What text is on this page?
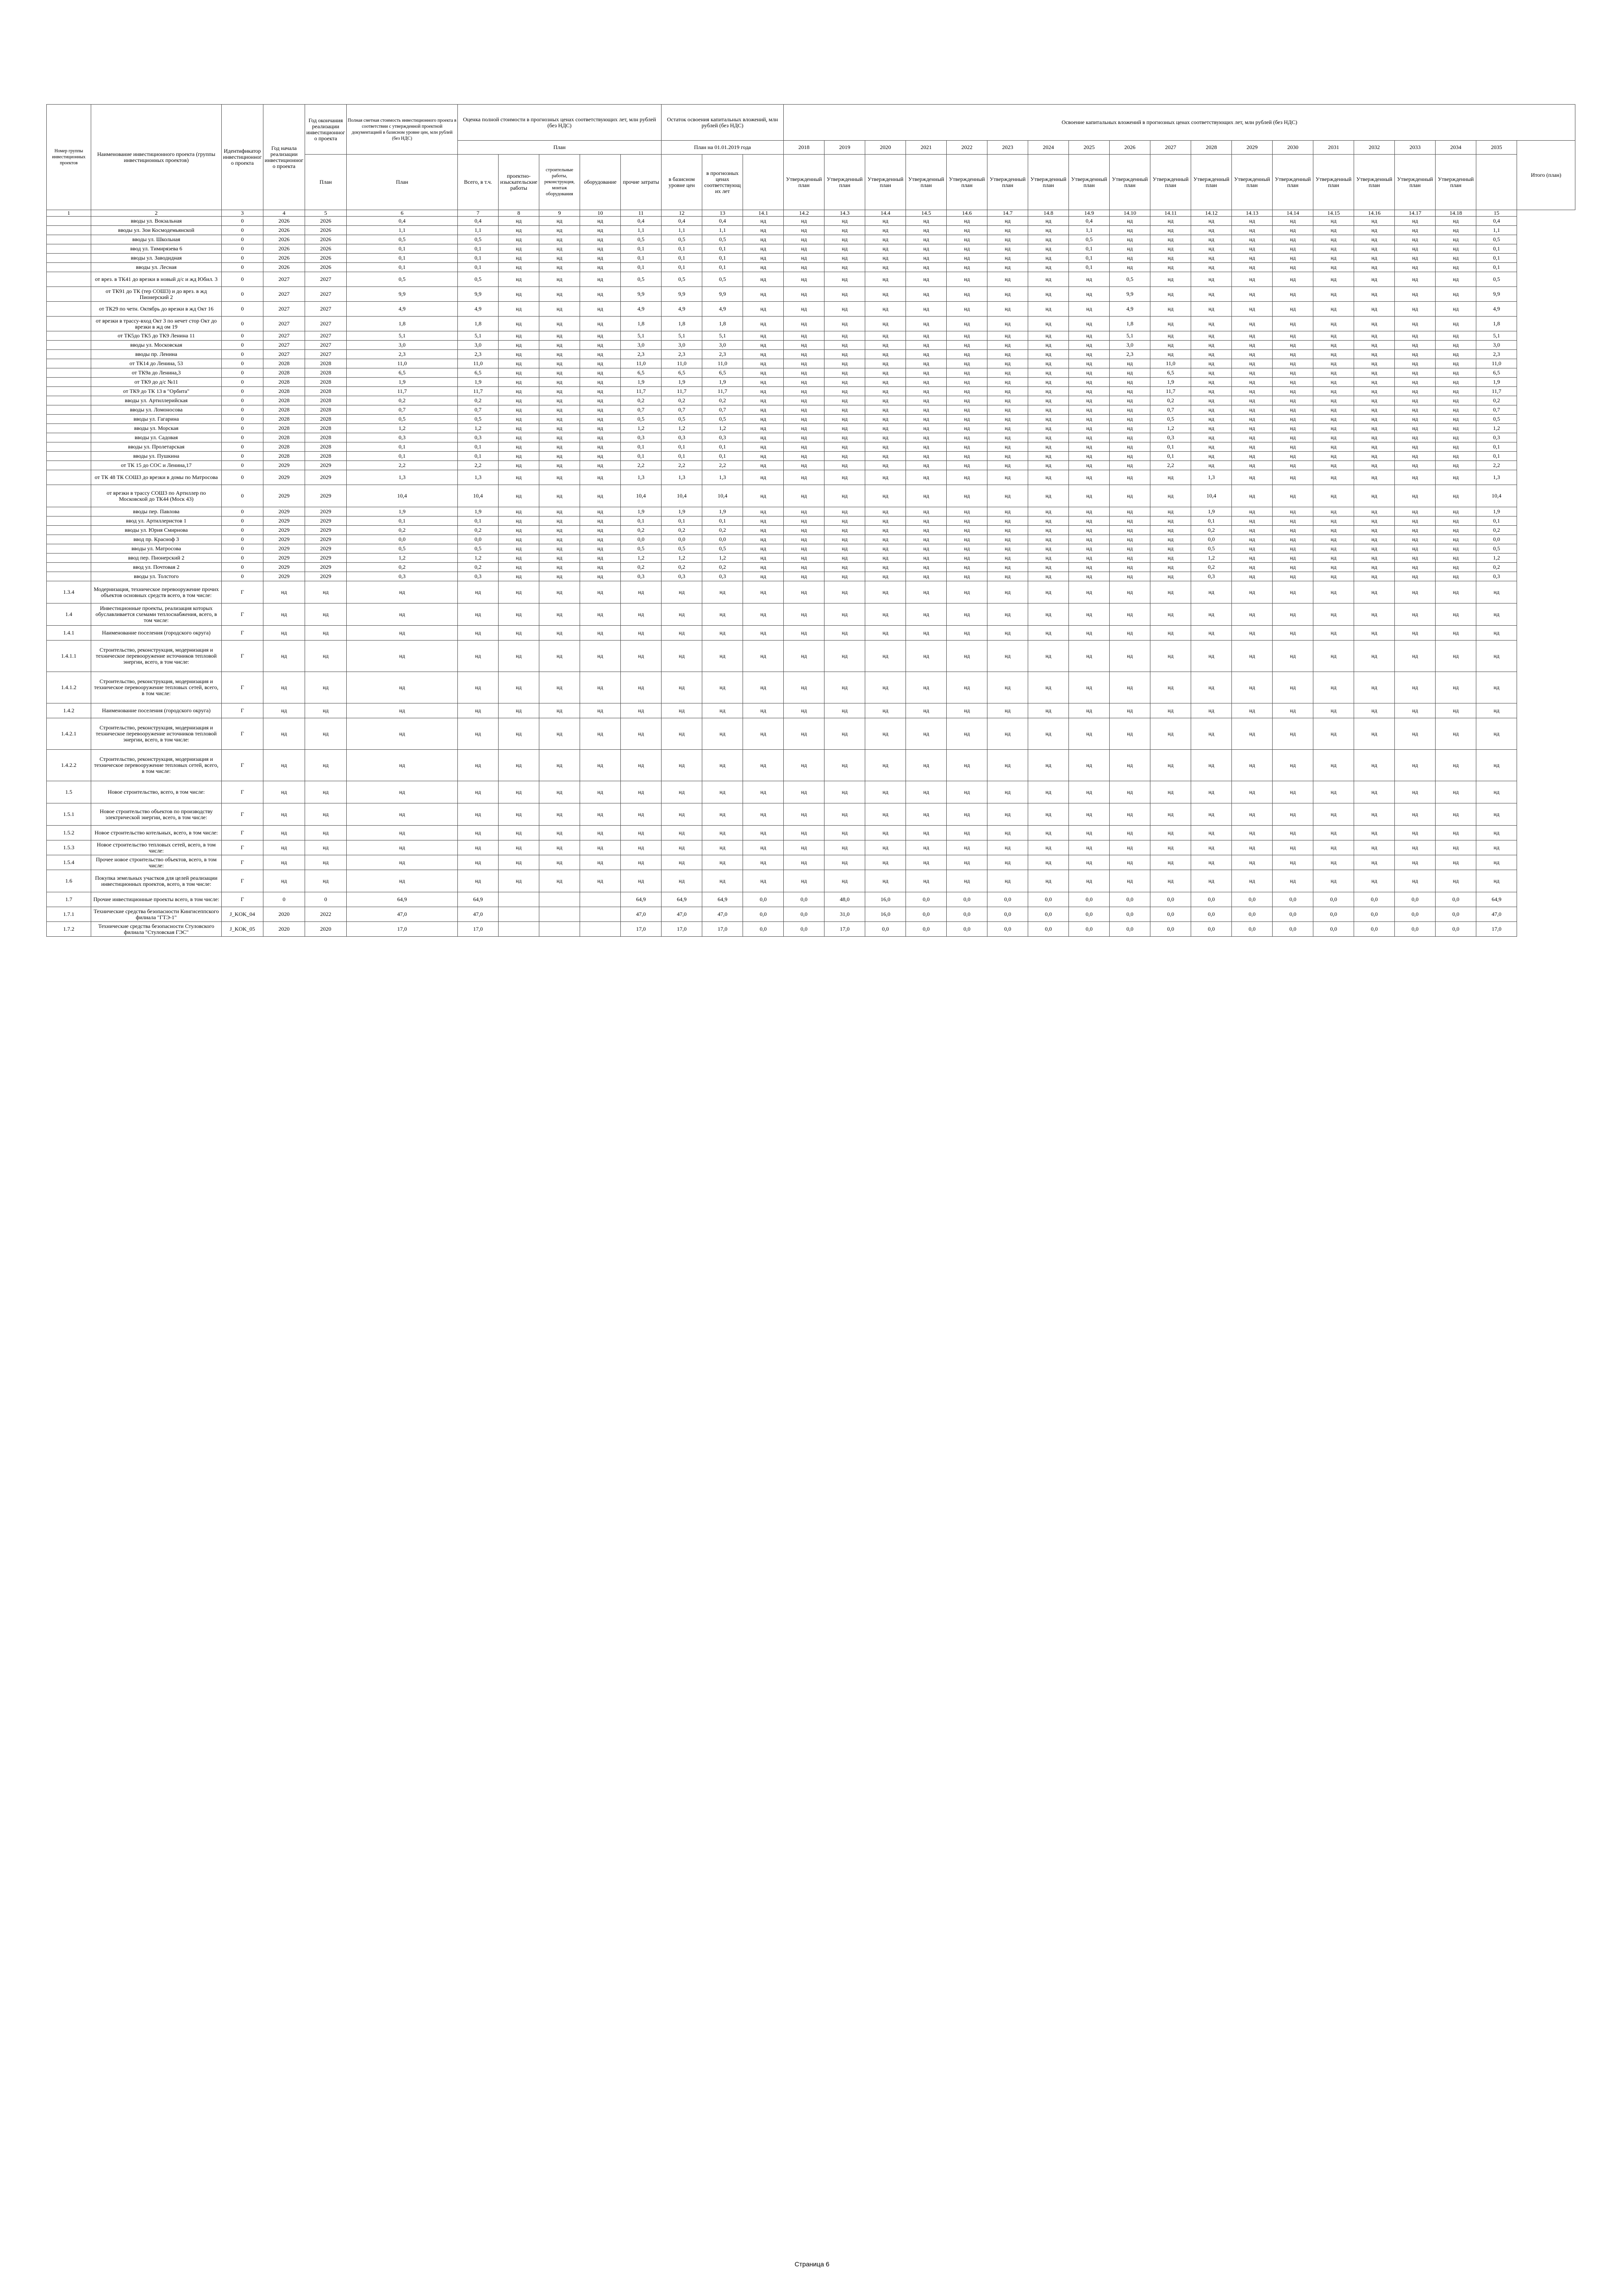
Номер группы инвестиционных проектов	Наименование инвестиционного проекта (группы инвестиционных проектов)	Идентификатор инвестиционного проекта	Год начала реализации инвестиционного проекта	Год окончания реализации инвестиционного проекта	Полная сметная стоимость инвестиционного проекта в соответствии с утвержденной проектной документацией в базисном уровне цен, млн рублей (без НДС)	Оценка полной стоимости в прогнозных ценах соответствующих лет, млн рублей (без НДС)					Остаток освоения капитальных вложений, млн рублей (без НДС)			Освоение капитальных вложений в прогнозных ценах соответствующих лет, млн рублей (без НДС)																		
						План					План на 01.01.2019 года			2018	2019	2020	2021	2022	2023	2024	2025	2026	2027	2028	2029	2030	2031	2032	2033	2034	2035	Итого (план)
				План	План	Всего, в т.ч.	проектно-изыскательские работы	строительные работы, реконструкция, монтаж оборудования	оборудование	прочие затраты	в базисном уровне цен	в прогнозных ценах соответствующих лет		Утвержденный план	Утвержденный план	Утвержденный план	Утвержденный план	Утвержденный план	Утвержденный план	Утвержденный план	Утвержденный план	Утвержденный план	Утвержденный план	Утвержденный план	Утвержденный план	Утвержденный план	Утвержденный план	Утвержденный план	Утвержденный план	Утвержденный план		
1	2	3	4	5	6	7	8	9	10	11	12	13	14.1	14.2	14.3	14.4	14.5	14.6	14.7	14.8	14.9	14.10	14.11	14.12	14.13	14.14	14.15	14.16	14.17	14.18	15	
	вводы ул. Вокзальная	0	2026	2026	0,4	0,4	нд	нд	нд	0,4	0,4	0,4	нд	нд	нд	нд	нд	нд	нд	нд	0,4	нд	нд	нд	нд	нд	нд	нд	нд	нд	0,4	
	вводы ул. Зои Космодемьянской	0	2026	2026	1,1	1,1	нд	нд	нд	1,1	1,1	1,1	нд	нд	нд	нд	нд	нд	нд	нд	1,1	нд	нд	нд	нд	нд	нд	нд	нд	нд	1,1	
	вводы ул. Школьная	0	2026	2026	0,5	0,5	нд	нд	нд	0,5	0,5	0,5	нд	нд	нд	нд	нд	нд	нд	нд	0,5	нд	нд	нд	нд	нд	нд	нд	нд	нд	0,5	
	ввод ул. Тимирязева 6	0	2026	2026	0,1	0,1	нд	нд	нд	0,1	0,1	0,1	нд	нд	нд	нд	нд	нд	нд	нд	0,1	нд	нд	нд	нд	нд	нд	нд	нд	нд	0,1	
	вводы ул. Заводидная	0	2026	2026	0,1	0,1	нд	нд	нд	0,1	0,1	0,1	нд	нд	нд	нд	нд	нд	нд	нд	0,1	нд	нд	нд	нд	нд	нд	нд	нд	нд	0,1	
	вводы ул. Лесная	0	2026	2026	0,1	0,1	нд	нд	нд	0,1	0,1	0,1	нд	нд	нд	нд	нд	нд	нд	нд	0,1	нд	нд	нд	нд	нд	нд	нд	нд	нд	0,1	
	от врез. в ТК41 до врезки в новый д/с и жд Юбил. 3	0	2027	2027	0,5	0,5	нд	нд	нд	0,5	0,5	0,5	нд	нд	нд	нд	нд	нд	нд	нд	нд	0,5	нд	нд	нд	нд	нд	нд	нд	нд	0,5	
	от ТК91 до ТК (тер СОШ3) и до врез. в жд Пионерский 2	0	2027	2027	9,9	9,9	нд	нд	нд	9,9	9,9	9,9	нд	нд	нд	нд	нд	нд	нд	нд	нд	9,9	нд	нд	нд	нд	нд	нд	нд	нд	9,9	
	от ТК29 по четн. Октябрь до врезки в жд Окт 16	0	2027	2027	4,9	4,9	нд	нд	нд	4,9	4,9	4,9	нд	нд	нд	нд	нд	нд	нд	нд	нд	4,9	нд	нд	нд	нд	нд	нд	нд	нд	4,9	
	от врезки в трассу-вход Окт 3 по нечет стор Окт до врезки в жд ом 19	0	2027	2027	1,8	1,8	нд	нд	нд	1,8	1,8	1,8	нд	нд	нд	нд	нд	нд	нд	нд	нд	1,8	нд	нд	нд	нд	нд	нд	нд	нд	1,8	
	от ТК5до ТК5 до ТК9 Ленина 11	0	2027	2027	5,1	5,1	нд	нд	нд	5,1	5,1	5,1	нд	нд	нд	нд	нд	нд	нд	нд	нд	5,1	нд	нд	нд	нд	нд	нд	нд	нд	5,1	
	вводы ул. Московская	0	2027	2027	3,0	3,0	нд	нд	нд	3,0	3,0	3,0	нд	нд	нд	нд	нд	нд	нд	нд	нд	3,0	нд	нд	нд	нд	нд	нд	нд	нд	3,0	
	вводы пр. Ленина	0	2027	2027	2,3	2,3	нд	нд	нд	2,3	2,3	2,3	нд	нд	нд	нд	нд	нд	нд	нд	нд	2,3	нд	нд	нд	нд	нд	нд	нд	нд	2,3	
	от ТК14 до Ленина, 53	0	2028	2028	11,0	11,0	нд	нд	нд	11,0	11,0	11,0	нд	нд	нд	нд	нд	нд	нд	нд	нд	нд	11,0	нд	нд	нд	нд	нд	нд	нд	11,0	
	от ТК9а до Ленина,3	0	2028	2028	6,5	6,5	нд	нд	нд	6,5	6,5	6,5	нд	нд	нд	нд	нд	нд	нд	нд	нд	нд	6,5	нд	нд	нд	нд	нд	нд	нд	6,5	
	от ТК9 до д/с №11	0	2028	2028	1,9	1,9	нд	нд	нд	1,9	1,9	1,9	нд	нд	нд	нд	нд	нд	нд	нд	нд	нд	1,9	нд	нд	нд	нд	нд	нд	нд	1,9	
	от ТК9 до ТК 13 в "Орбита"	0	2028	2028	11,7	11,7	нд	нд	нд	11,7	11,7	11,7	нд	нд	нд	нд	нд	нд	нд	нд	нд	нд	11,7	нд	нд	нд	нд	нд	нд	нд	11,7	
	вводы ул. Артиллерийская	0	2028	2028	0,2	0,2	нд	нд	нд	0,2	0,2	0,2	нд	нд	нд	нд	нд	нд	нд	нд	нд	нд	0,2	нд	нд	нд	нд	нд	нд	нд	0,2	
	вводы ул. Ломоносова	0	2028	2028	0,7	0,7	нд	нд	нд	0,7	0,7	0,7	нд	нд	нд	нд	нд	нд	нд	нд	нд	нд	0,7	нд	нд	нд	нд	нд	нд	нд	0,7	
	вводы ул. Гагарина	0	2028	2028	0,5	0,5	нд	нд	нд	0,5	0,5	0,5	нд	нд	нд	нд	нд	нд	нд	нд	нд	нд	0,5	нд	нд	нд	нд	нд	нд	нд	0,5	
	вводы ул. Морская	0	2028	2028	1,2	1,2	нд	нд	нд	1,2	1,2	1,2	нд	нд	нд	нд	нд	нд	нд	нд	нд	нд	1,2	нд	нд	нд	нд	нд	нд	нд	1,2	
	вводы ул. Садовая	0	2028	2028	0,3	0,3	нд	нд	нд	0,3	0,3	0,3	нд	нд	нд	нд	нд	нд	нд	нд	нд	нд	0,3	нд	нд	нд	нд	нд	нд	нд	0,3	
	вводы ул. Пролетарская	0	2028	2028	0,1	0,1	нд	нд	нд	0,1	0,1	0,1	нд	нд	нд	нд	нд	нд	нд	нд	нд	нд	0,1	нд	нд	нд	нд	нд	нд	нд	0,1	
	вводы ул. Пушкина	0	2028	2028	0,1	0,1	нд	нд	нд	0,1	0,1	0,1	нд	нд	нд	нд	нд	нд	нд	нд	нд	нд	0,1	нд	нд	нд	нд	нд	нд	нд	0,1	
	от ТК 15 до СОС и Ленина,17	0	2029	2029	2,2	2,2	нд	нд	нд	2,2	2,2	2,2	нд	нд	нд	нд	нд	нд	нд	нд	нд	нд	2,2	нд	нд	нд	нд	нд	нд	нд	2,2	
	от ТК 48 ТК СОШ3 до врезки в домы по Матросова	0	2029	2029	1,3	1,3	нд	нд	нд	1,3	1,3	1,3	нд	нд	нд	нд	нд	нд	нд	нд	нд	нд	нд	1,3	нд	нд	нд	нд	нд	нд	1,3	
	от врезки в трассу СОШ3 по Артиллер по Московской до ТК44 (Моск 43)	0	2029	2029	10,4	10,4	нд	нд	нд	10,4	10,4	10,4	нд	нд	нд	нд	нд	нд	нд	нд	нд	нд	нд	10,4	нд	нд	нд	нд	нд	нд	10,4	
	вводы пер. Павлова	0	2029	2029	1,9	1,9	нд	нд	нд	1,9	1,9	1,9	нд	нд	нд	нд	нд	нд	нд	нд	нд	нд	нд	1,9	нд	нд	нд	нд	нд	нд	1,9	
	ввод ул. Артиллеристов 1	0	2029	2029	0,1	0,1	нд	нд	нд	0,1	0,1	0,1	нд	нд	нд	нд	нд	нд	нд	нд	нд	нд	нд	0,1	нд	нд	нд	нд	нд	нд	0,1	
	вводы ул. Юрия Смирнова	0	2029	2029	0,2	0,2	нд	нд	нд	0,2	0,2	0,2	нд	нд	нд	нд	нд	нд	нд	нд	нд	нд	нд	0,2	нд	нд	нд	нд	нд	нд	0,2	
	ввод пр. Красноф 3	0	2029	2029	0,0	0,0	нд	нд	нд	0,0	0,0	0,0	нд	нд	нд	нд	нд	нд	нд	нд	нд	нд	нд	0,0	нд	нд	нд	нд	нд	нд	0,0	
	вводы ул. Матросова	0	2029	2029	0,5	0,5	нд	нд	нд	0,5	0,5	0,5	нд	нд	нд	нд	нд	нд	нд	нд	нд	нд	нд	0,5	нд	нд	нд	нд	нд	нд	0,5	
	ввод пер. Пионерский 2	0	2029	2029	1,2	1,2	нд	нд	нд	1,2	1,2	1,2	нд	нд	нд	нд	нд	нд	нд	нд	нд	нд	нд	1,2	нд	нд	нд	нд	нд	нд	1,2	
	ввод ул. Почтовая 2	0	2029	2029	0,2	0,2	нд	нд	нд	0,2	0,2	0,2	нд	нд	нд	нд	нд	нд	нд	нд	нд	нд	нд	0,2	нд	нд	нд	нд	нд	нд	0,2	
	вводы ул. Толстого	0	2029	2029	0,3	0,3	нд	нд	нд	0,3	0,3	0,3	нд	нд	нд	нд	нд	нд	нд	нд	нд	нд	нд	0,3	нд	нд	нд	нд	нд	нд	0,3	
1.3.4	Модернизация, техническое перевооружение прочих объектов основных средств всего, в том числе:	Г	нд	нд	нд	нд	нд	нд	нд	нд	нд	нд	нд	нд	нд	нд	нд	нд	нд	нд	нд	нд	нд	нд	нд	нд	нд	нд	нд	нд	нд	
1.4	Инвестиционные проекты, реализация которых обуславливается схемами теплоснабжения, всего, в том числе:	Г	нд	нд	нд	нд	нд	нд	нд	нд	нд	нд	нд	нд	нд	нд	нд	нд	нд	нд	нд	нд	нд	нд	нд	нд	нд	нд	нд	нд	нд	
1.4.1	Наименование поселения (городского округа)	Г	нд	нд	нд	нд	нд	нд	нд	нд	нд	нд	нд	нд	нд	нд	нд	нд	нд	нд	нд	нд	нд	нд	нд	нд	нд	нд	нд	нд	нд	
1.4.1.1	Строительство, реконструкция, модернизация и техническое перевооружение источников тепловой энергии, всего, в том числе:	Г	нд	нд	нд	нд	нд	нд	нд	нд	нд	нд	нд	нд	нд	нд	нд	нд	нд	нд	нд	нд	нд	нд	нд	нд	нд	нд	нд	нд	нд	
1.4.1.2	Строительство, реконструкция, модернизация и техническое перевооружение тепловых сетей, всего, в том числе:	Г	нд	нд	нд	нд	нд	нд	нд	нд	нд	нд	нд	нд	нд	нд	нд	нд	нд	нд	нд	нд	нд	нд	нд	нд	нд	нд	нд	нд	нд	
1.4.2	Наименование поселения (городского округа)	Г	нд	нд	нд	нд	нд	нд	нд	нд	нд	нд	нд	нд	нд	нд	нд	нд	нд	нд	нд	нд	нд	нд	нд	нд	нд	нд	нд	нд	нд	
1.4.2.1	Строительство, реконструкция, модернизация и техническое перевооружение источников тепловой энергии, всего, в том числе:	Г	нд	нд	нд	нд	нд	нд	нд	нд	нд	нд	нд	нд	нд	нд	нд	нд	нд	нд	нд	нд	нд	нд	нд	нд	нд	нд	нд	нд	нд	
1.4.2.2	Строительство, реконструкция, модернизация и техническое перевооружение тепловых сетей, всего, в том числе:	Г	нд	нд	нд	нд	нд	нд	нд	нд	нд	нд	нд	нд	нд	нд	нд	нд	нд	нд	нд	нд	нд	нд	нд	нд	нд	нд	нд	нд	нд	
1.5	Новое строительство, всего, в том числе:	Г	нд	нд	нд	нд	нд	нд	нд	нд	нд	нд	нд	нд	нд	нд	нд	нд	нд	нд	нд	нд	нд	нд	нд	нд	нд	нд	нд	нд	нд	
1.5.1	Новое строительство объектов по производству электрической энергии, всего, в том числе:	Г	нд	нд	нд	нд	нд	нд	нд	нд	нд	нд	нд	нд	нд	нд	нд	нд	нд	нд	нд	нд	нд	нд	нд	нд	нд	нд	нд	нд	нд	
1.5.2	Новое строительство котельных, всего, в том числе:	Г	нд	нд	нд	нд	нд	нд	нд	нд	нд	нд	нд	нд	нд	нд	нд	нд	нд	нд	нд	нд	нд	нд	нд	нд	нд	нд	нд	нд	нд	
1.5.3	Новое строительство тепловых сетей, всего, в том числе:	Г	нд	нд	нд	нд	нд	нд	нд	нд	нд	нд	нд	нд	нд	нд	нд	нд	нд	нд	нд	нд	нд	нд	нд	нд	нд	нд	нд	нд	нд	
1.5.4	Прочее новое строительство объектов, всего, в том числе:	Г	нд	нд	нд	нд	нд	нд	нд	нд	нд	нд	нд	нд	нд	нд	нд	нд	нд	нд	нд	нд	нд	нд	нд	нд	нд	нд	нд	нд	нд	
1.6	Покупка земельных участков для целей реализации инвестиционных проектов, всего, в том числе:	Г	нд	нд	нд	нд	нд	нд	нд	нд	нд	нд	нд	нд	нд	нд	нд	нд	нд	нд	нд	нд	нд	нд	нд	нд	нд	нд	нд	нд	нд	
1.7	Прочие инвестиционные проекты всего, в том числе:	Г	0	0	64,9	64,9				64,9	64,9	64,9	0,0	0,0	48,0	16,0	0,0	0,0	0,0	0,0	0,0	0,0	0,0	0,0	0,0	0,0	0,0	0,0	0,0	0,0	64,9	
1.7.1	Технические средства безопасности Кингисеппского филиала "ГТЭ-1"	J_KOK_04	2020	2022	47,0	47,0				47,0	47,0	47,0	0,0	0,0	31,0	16,0	0,0	0,0	0,0	0,0	0,0	0,0	0,0	0,0	0,0	0,0	0,0	0,0	0,0	0,0	47,0	
1.7.2	Технические средства безопасности Стуловского филиала "Стуловская ГЭС"	J_KOK_05	2020	2020	17,0	17,0				17,0	17,0	17,0	0,0	0,0	17,0	0,0	0,0	0,0	0,0	0,0	0,0	0,0	0,0	0,0	0,0	0,0	0,0	0,0	0,0	0,0	17,0	
Страница 6
